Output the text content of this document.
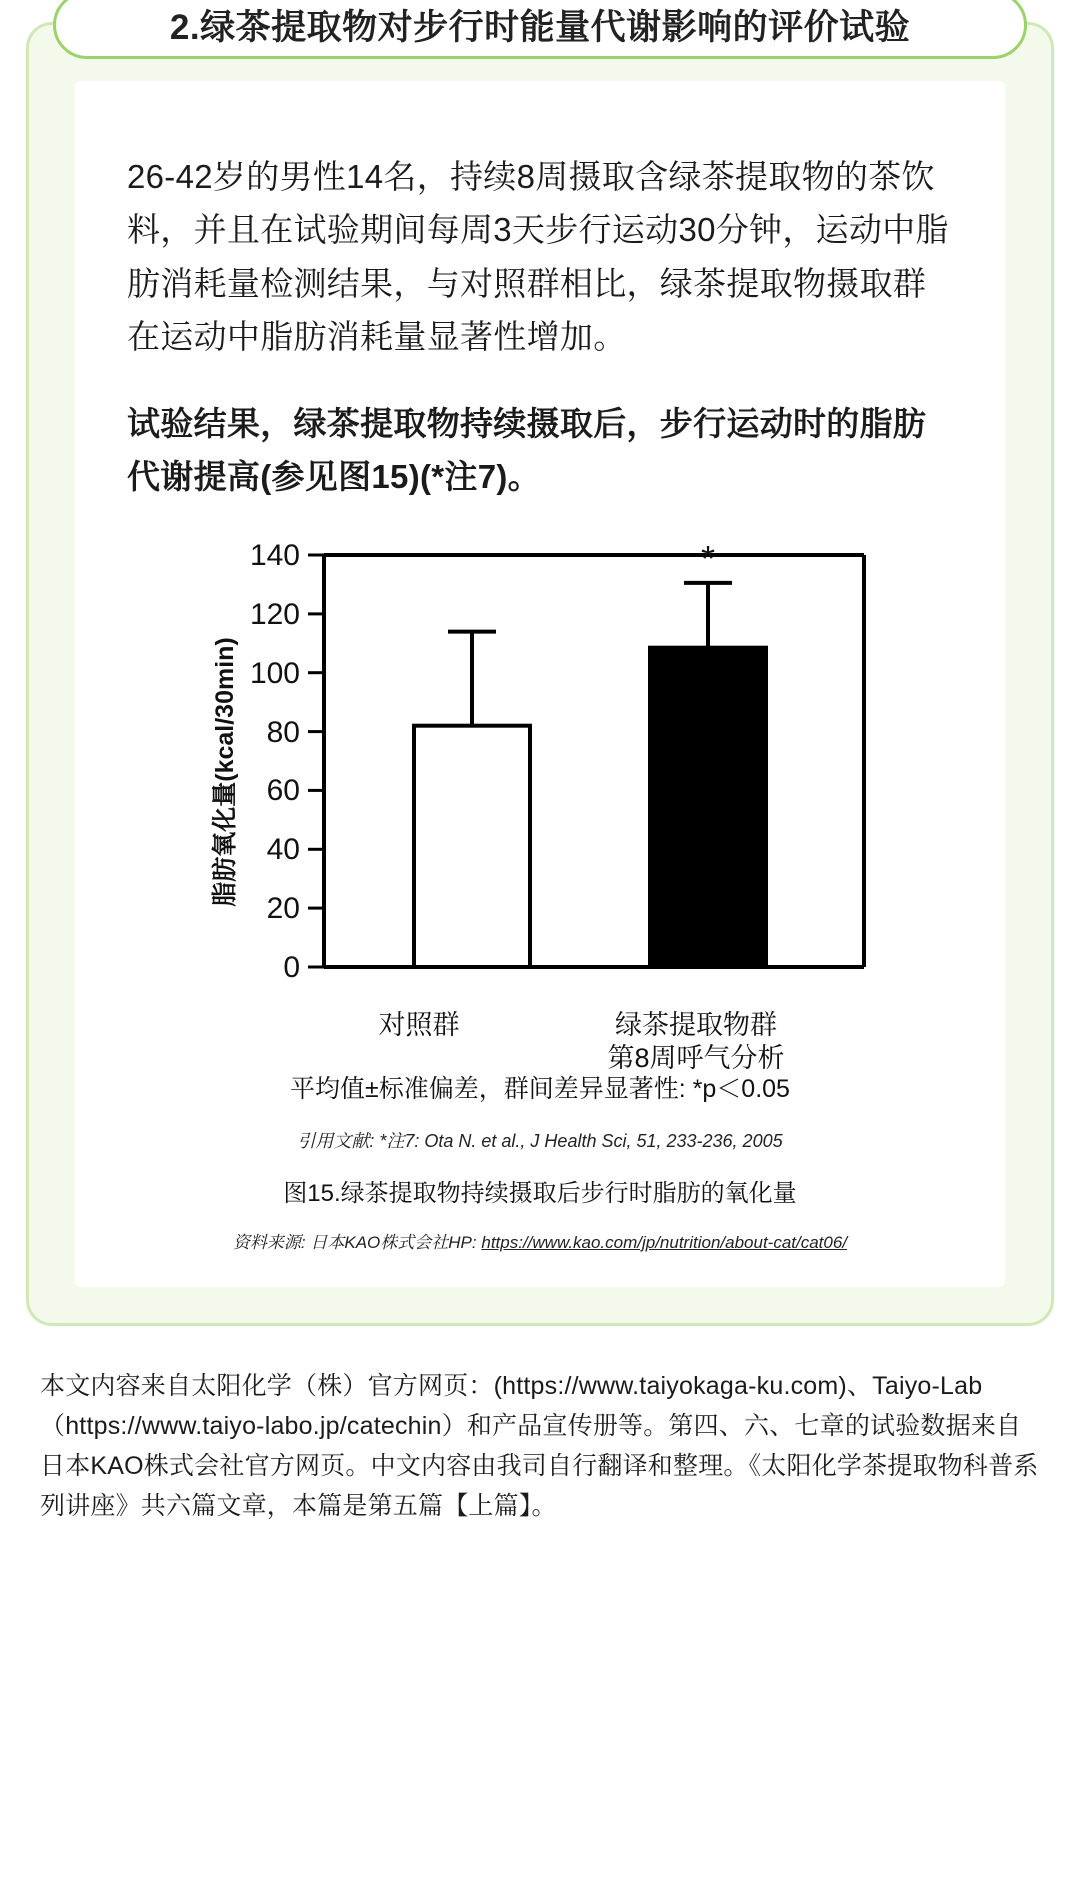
2.绿茶提取物对步行时能量代谢影响的评价试验

26-42岁的男性14名，持续8周摄取含绿茶提取物的茶饮料，并且在试验期间每周3天步行运动30分钟，运动中脂肪消耗量检测结果，与对照群相比，绿茶提取物摄取群在运动中脂肪消耗量显著性增加。

试验结果，绿茶提取物持续摄取后，步行运动时的脂肪代谢提高(参见图15)(*注7)。

脂肪氧化量(kcal/30min)
0
20
40
60
80
100
120
140	*
对照群	绿茶提取物群
第8周呼气分析
平均值±标准偏差，群间差异显著性: *p＜0.05
引用文献: *注7: Ota N. et al., J Health Sci, 51, 233-236, 2005
图15.绿茶提取物持续摄取后步行时脂肪的氧化量
资料来源: 日本KAO株式会社HP: https://www.kao.com/jp/nutrition/about-cat/cat06/
本文内容来自太阳化学（株）官方网页：(https://www.taiyokaga-ku.com)、Taiyo-Lab（https://www.taiyo-labo.jp/catechin）和产品宣传册等。第四、六、七章的试验数据来自日本KAO株式会社官方网页。中文内容由我司自行翻译和整理。《太阳化学茶提取物科普系列讲座》共六篇文章，本篇是第五篇【上篇】。
